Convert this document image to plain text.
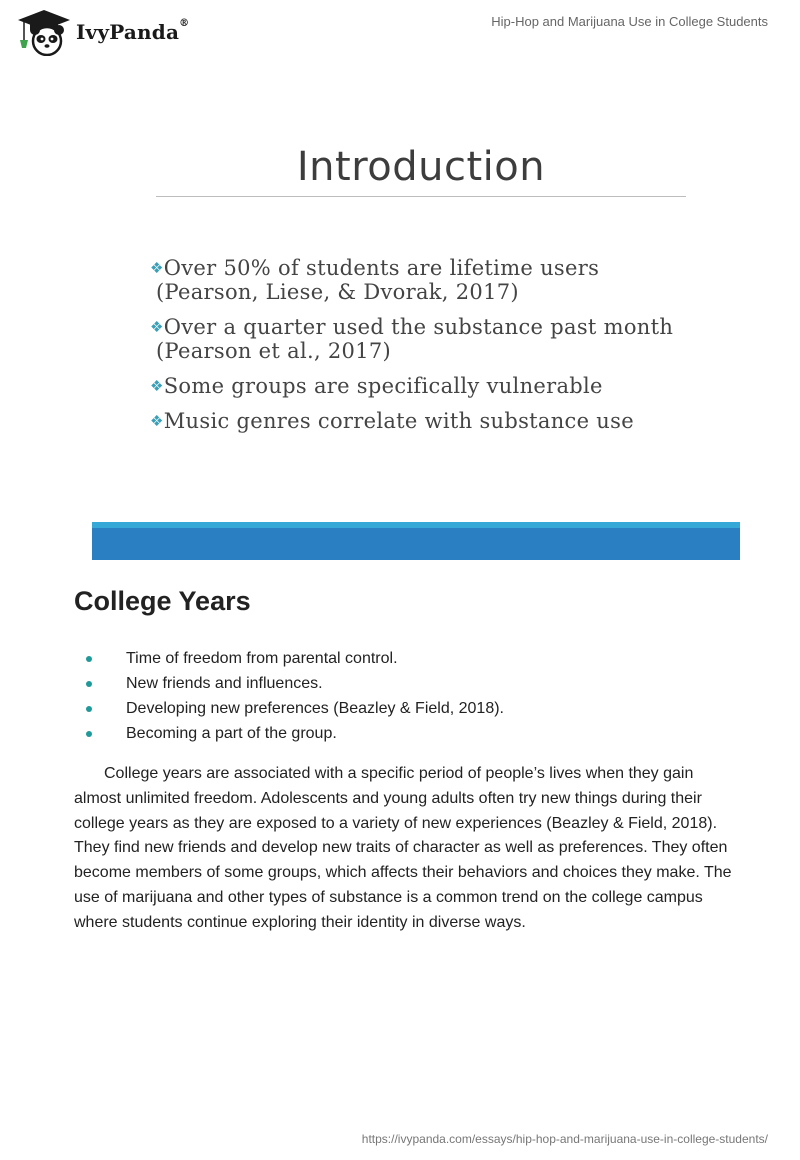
IvyPanda®	Hip-Hop and Marijuana Use in College Students
Introduction
❖Over 50% of students are lifetime users
(Pearson, Liese, & Dvorak, 2017)
❖Over a quarter used the substance past month
(Pearson et al., 2017)
❖Some groups are specifically vulnerable
❖Music genres correlate with substance use
College Years
Time of freedom from parental control.
New friends and influences.
Developing new preferences (Beazley & Field, 2018).
Becoming a part of the group.

College years are associated with a specific period of people’s lives when they gain almost unlimited freedom. Adolescents and young adults often try new things during their college years as they are exposed to a variety of new experiences (Beazley & Field, 2018). They find new friends and develop new traits of character as well as preferences. They often become members of some groups, which affects their behaviors and choices they make. The use of marijuana and other types of substance is a common trend on the college campus where students continue exploring their identity in diverse ways.

https://ivypanda.com/essays/hip-hop-and-marijuana-use-in-college-students/
